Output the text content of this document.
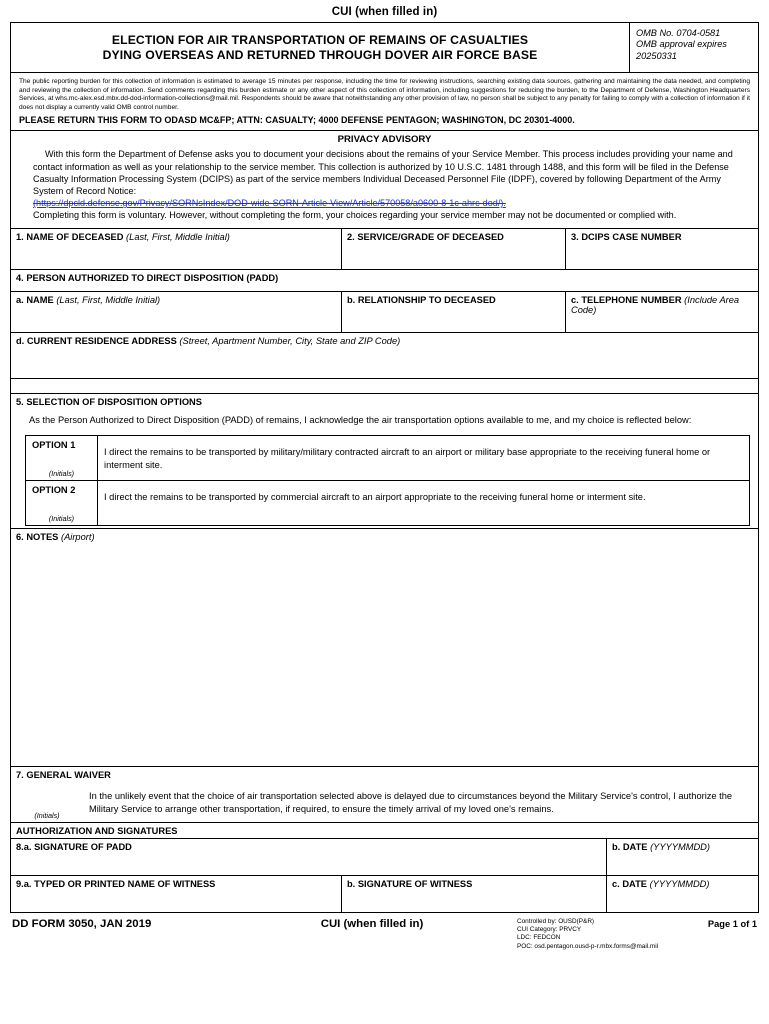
CUI (when filled in)
ELECTION FOR AIR TRANSPORTATION OF REMAINS OF CASUALTIES
DYING OVERSEAS AND RETURNED THROUGH DOVER AIR FORCE BASE
OMB No. 0704-0581
OMB approval expires
20250331
The public reporting burden for this collection of information is estimated to average 15 minutes per response, including the time for reviewing instructions, searching existing data sources, gathering and maintaining the data needed, and completing and reviewing the collection of information. Send comments regarding this burden estimate or any other aspect of this collection of information, including suggestions for reducing the burden, to the Department of Defense, Washington Headquarters Services, at whs.mc-alex.esd.mbx.dd-dod-information-collections@mail.mil. Respondents should be aware that notwithstanding any other provision of law, no person shall be subject to any penalty for failing to comply with a collection of information if it does not display a currently valid OMB control number.
PLEASE RETURN THIS FORM TO ODASD MC&FP; ATTN: CASUALTY; 4000 DEFENSE PENTAGON; WASHINGTON, DC 20301-4000.
PRIVACY ADVISORY
With this form the Department of Defense asks you to document your decisions about the remains of your Service Member. This process includes providing your name and contact information as well as your relationship to the service member. This collection is authorized by 10 U.S.C. 1481 through 1488, and this form will be filed in the Defense Casualty Information Processing System (DCIPS) as part of the service members Individual Deceased Personnel File (IDPF), covered by following Department of the Army System of Record Notice:
(https://dpcld.defense.gov/Privacy/SORNsIndex/DOD-wide-SORN-Article-View/Article/570058/a0600-8-1c-ahrc-dod/).
Completing this form is voluntary. However, without completing the form, your choices regarding your service member may not be documented or complied with.
1. NAME OF DECEASED (Last, First, Middle Initial)	2. SERVICE/GRADE OF DECEASED	3. DCIPS CASE NUMBER
4. PERSON AUTHORIZED TO DIRECT DISPOSITION (PADD)
a. NAME (Last, First, Middle Initial)	b. RELATIONSHIP TO DECEASED	c. TELEPHONE NUMBER (Include Area Code)
d. CURRENT RESIDENCE ADDRESS (Street, Apartment Number, City, State and ZIP Code)
5. SELECTION OF DISPOSITION OPTIONS
As the Person Authorized to Direct Disposition (PADD) of remains, I acknowledge the air transportation options available to me, and my choice is reflected below:
OPTION 1
(Initials)
I direct the remains to be transported by military/military contracted aircraft to an airport or military base appropriate to the receiving funeral home or interment site.
OPTION 2
(Initials)
I direct the remains to be transported by commercial aircraft to an airport appropriate to the receiving funeral home or interment site.
6. NOTES (Airport)
7. GENERAL WAIVER
(Initials)
In the unlikely event that the choice of air transportation selected above is delayed due to circumstances beyond the Military Service's control, I authorize the Military Service to arrange other transportation, if required, to ensure the timely arrival of my loved one's remains.
AUTHORIZATION AND SIGNATURES
8.a. SIGNATURE OF PADD	b. DATE (YYYYMMDD)
9.a. TYPED OR PRINTED NAME OF WITNESS	b. SIGNATURE OF WITNESS	c. DATE (YYYYMMDD)
DD FORM 3050, JAN 2019	CUI (when filled in)	Controlled by: OUSD(P&R)
CUI Category: PRVCY
LDC: FEDCON
POC: osd.pentagon.ousd-p-r.mbx.forms@mail.mil
Page 1 of 1
